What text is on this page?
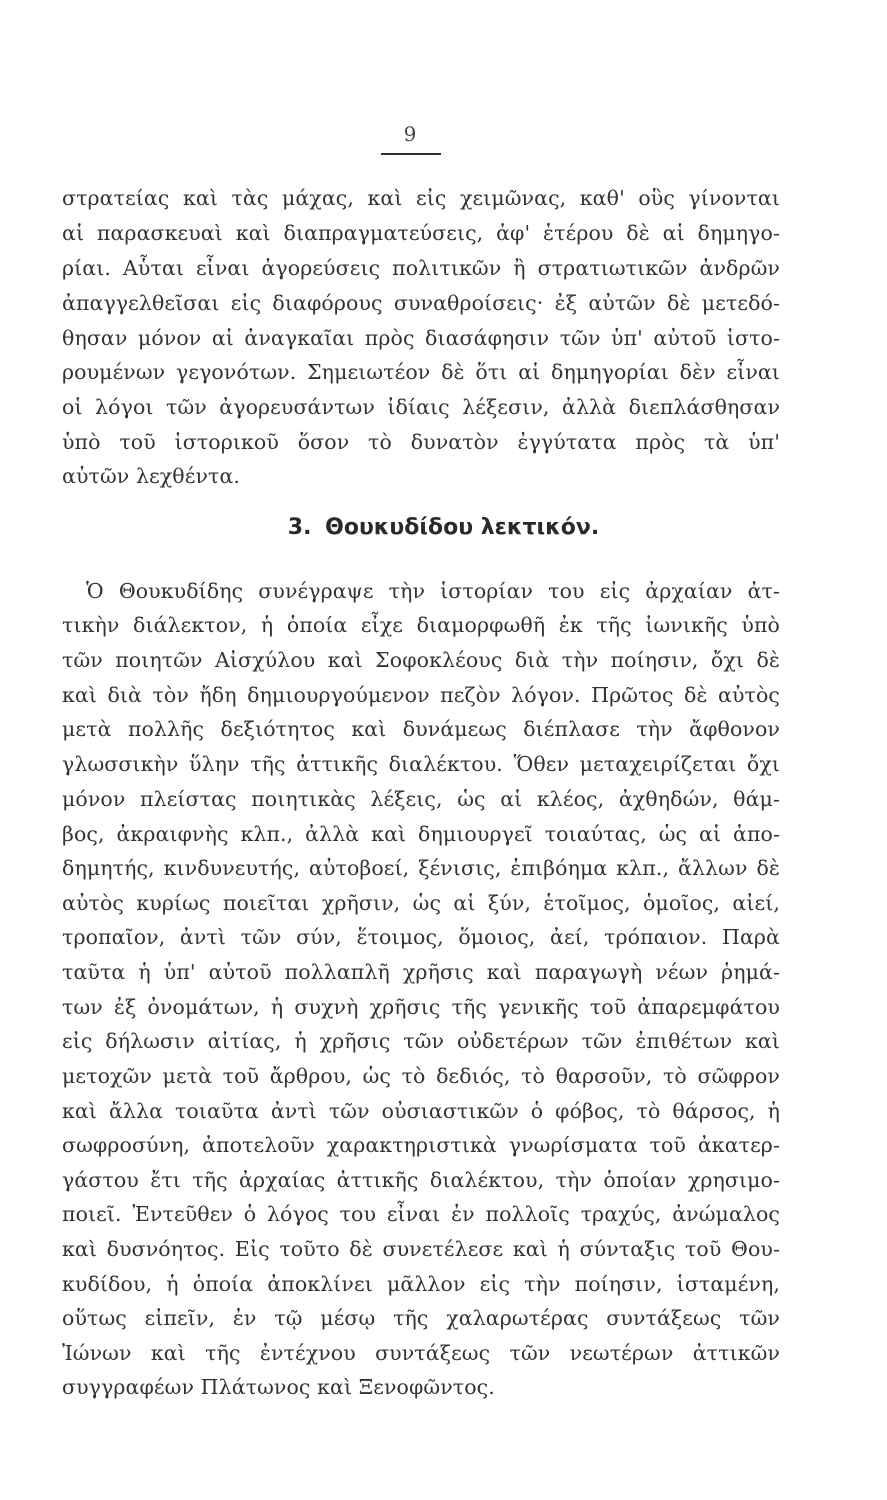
9
στρατείας καὶ τὰς μάχας, καὶ εἰς χειμῶνας, καθ' οὓς γίνονται
αἱ παρασκευαὶ καὶ διαπραγματεύσεις, ἀφ' ἑτέρου δὲ αἱ δημηγο-
ρίαι. Αὗται εἶναι ἀγορεύσεις πολιτικῶν ἢ στρατιωτικῶν ἀνδρῶν
ἀπαγγελθεῖσαι εἰς διαφόρους συναθροίσεις· ἐξ αὐτῶν δὲ μετεδό-
θησαν μόνον αἱ ἀναγκαῖαι πρὸς διασάφησιν τῶν ὑπ' αὐτοῦ ἱστο-
ρουμένων γεγονότων. Σημειωτέον δὲ ὅτι αἱ δημηγορίαι δὲν εἶναι
οἱ λόγοι τῶν ἀγορευσάντων ἰδίαις λέξεσιν, ἀλλὰ διεπλάσθησαν
ὑπὸ τοῦ ἱστορικοῦ ὅσον τὸ δυνατὸν ἐγγύτατα πρὸς τὰ ὑπ'
αὐτῶν λεχθέντα.
3. Θουκυδίδου λεκτικόν.
Ὁ Θουκυδίδης συνέγραψε τὴν ἱστορίαν του εἰς ἀρχαίαν ἀτ-
τικὴν διάλεκτον, ἡ ὁποία εἶχε διαμορφωθῆ ἐκ τῆς ἰωνικῆς ὑπὸ
τῶν ποιητῶν Αἰσχύλου καὶ Σοφοκλέους διὰ τὴν ποίησιν, ὄχι δὲ
καὶ διὰ τὸν ἤδη δημιουργούμενον πεζὸν λόγον. Πρῶτος δὲ αὐτὸς
μετὰ πολλῆς δεξιότητος καὶ δυνάμεως διέπλασε τὴν ἄφθονον
γλωσσικὴν ὕλην τῆς ἀττικῆς διαλέκτου. Ὅθεν μεταχειρίζεται ὄχι
μόνον πλείστας ποιητικὰς λέξεις, ὡς αἱ κλέος, ἀχθηδών, θάμ-
βος, ἀκραιφνὴς κλπ., ἀλλὰ καὶ δημιουργεῖ τοιαύτας, ὡς αἱ ἀπο-
δημητής, κινδυνευτής, αὐτοβοεί, ξένισις, ἐπιβόημα κλπ., ἄλλων δὲ
αὐτὸς κυρίως ποιεῖται χρῆσιν, ὡς αἱ ξύν, ἑτοῖμος, ὁμοῖος, αἰεί,
τροπαῖον, ἀντὶ τῶν σύν, ἕτοιμος, ὅμοιος, ἀεί, τρόπαιον. Παρὰ
ταῦτα ἡ ὑπ' αὐτοῦ πολλαπλῆ χρῆσις καὶ παραγωγὴ νέων ῥημά-
των ἐξ ὀνομάτων, ἡ συχνὴ χρῆσις τῆς γενικῆς τοῦ ἀπαρεμφάτου
εἰς δήλωσιν αἰτίας, ἡ χρῆσις τῶν οὐδετέρων τῶν ἐπιθέτων καὶ
μετοχῶν μετὰ τοῦ ἄρθρου, ὡς τὸ δεδιός, τὸ θαρσοῦν, τὸ σῶφρον
καὶ ἄλλα τοιαῦτα ἀντὶ τῶν οὐσιαστικῶν ὁ φόβος, τὸ θάρσος, ἡ
σωφροσύνη, ἀποτελοῦν χαρακτηριστικὰ γνωρίσματα τοῦ ἀκατερ-
γάστου ἔτι τῆς ἀρχαίας ἀττικῆς διαλέκτου, τὴν ὁποίαν χρησιμο-
ποιεῖ. Ἐντεῦθεν ὁ λόγος του εἶναι ἐν πολλοῖς τραχύς, ἀνώμαλος
καὶ δυσνόητος. Εἰς τοῦτο δὲ συνετέλεσε καὶ ἡ σύνταξις τοῦ Θου-
κυδίδου, ἡ ὁποία ἀποκλίνει μᾶλλον εἰς τὴν ποίησιν, ἱσταμένη,
οὕτως εἰπεῖν, ἐν τῷ μέσῳ τῆς χαλαρωτέρας συντάξεως τῶν
Ἰώνων καὶ τῆς ἐντέχνου συντάξεως τῶν νεωτέρων ἀττικῶν
συγγραφέων Πλάτωνος καὶ Ξενοφῶντος.
